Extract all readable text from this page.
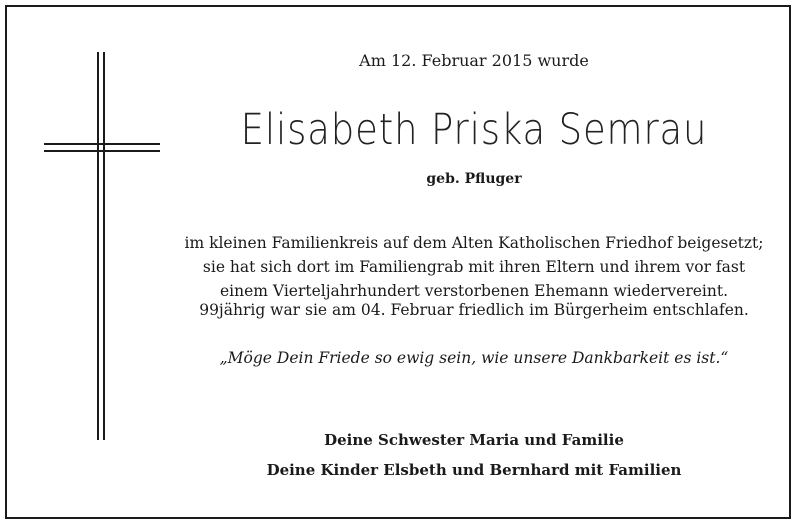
Am 12. Februar 2015 wurde
Elisabeth Priska Semrau
geb. Pfluger
im kleinen Familienkreis auf dem Alten Katholischen Friedhof beigesetzt;
sie hat sich dort im Familiengrab mit ihren Eltern und ihrem vor fast
einem Vierteljahrhundert verstorbenen Ehemann wiedervereint.
99jährig war sie am 04. Februar friedlich im Bürgerheim entschlafen.
„Möge Dein Friede so ewig sein, wie unsere Dankbarkeit es ist.“
Deine Schwester Maria und Familie
Deine Kinder Elsbeth und Bernhard mit Familien
